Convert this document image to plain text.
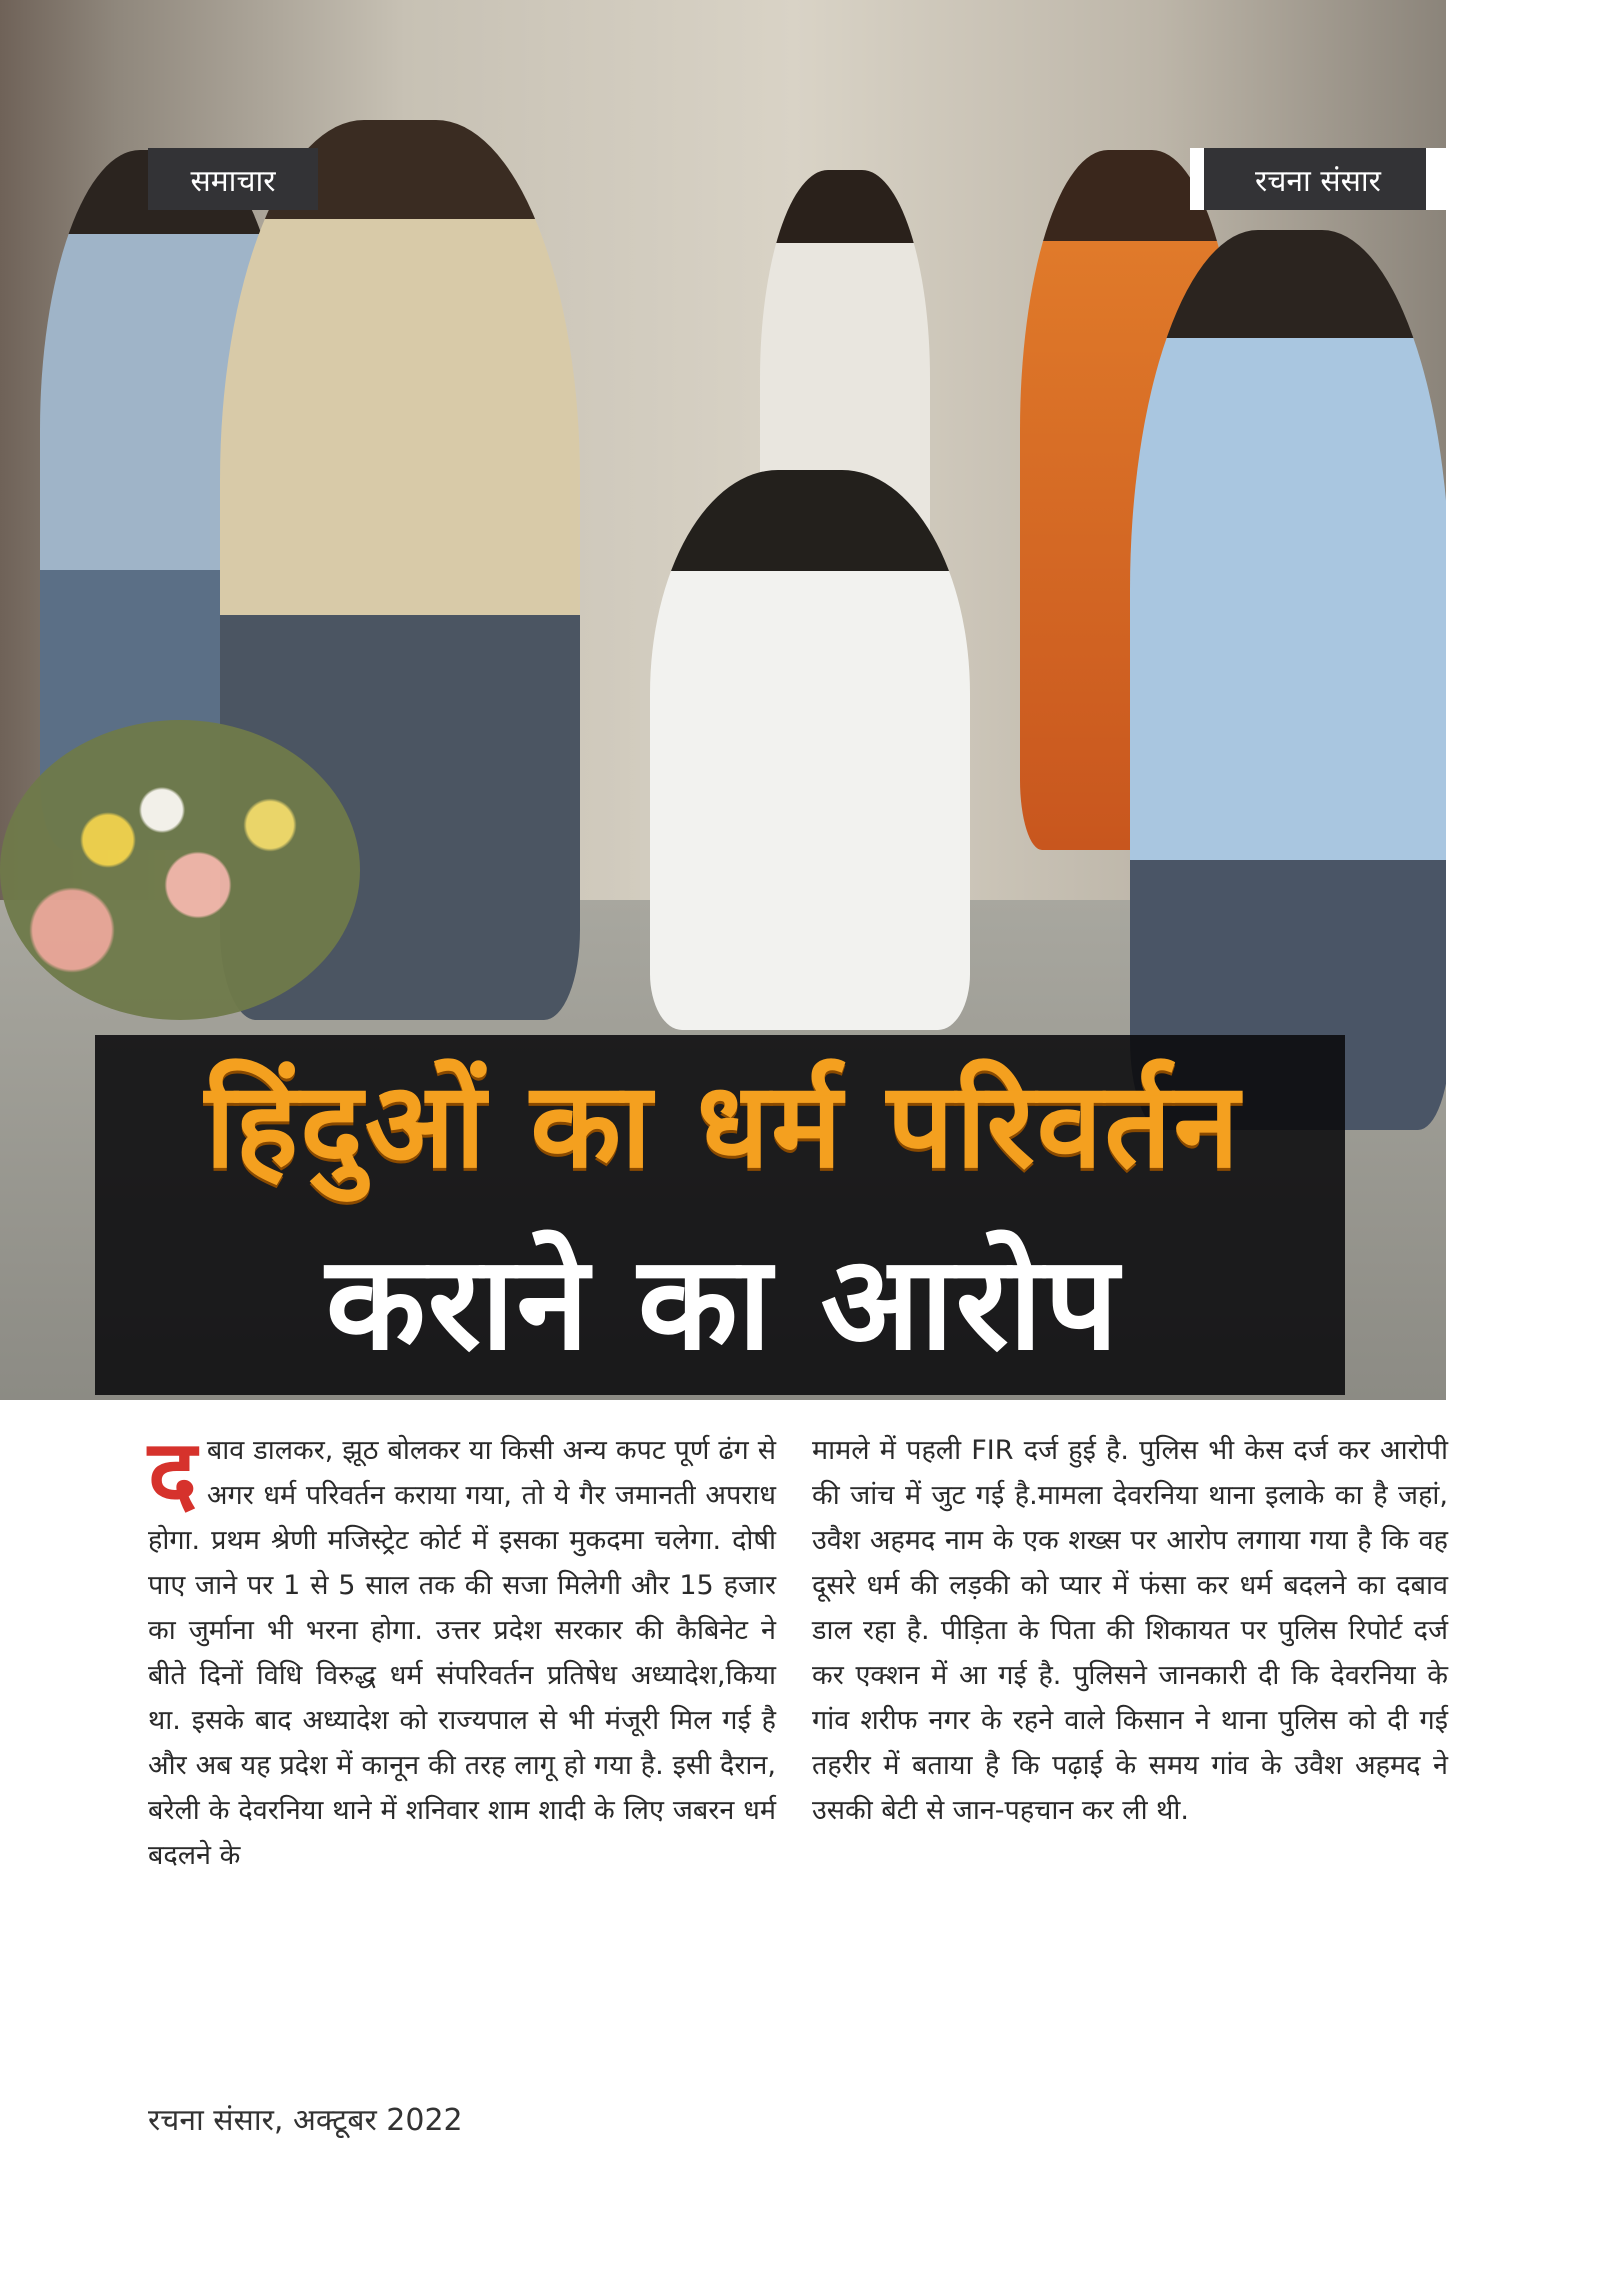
हिंदुओं का धर्म परिवर्तन
कराने का आरोप
समाचार	रचना संसार

दबाव डालकर, झूठ बोलकर या किसी अन्य कपट पूर्ण ढंग से अगर धर्म परिवर्तन कराया गया, तो ये गैर जमानती अपराध होगा. प्रथम श्रेणी मजिस्ट्रेट कोर्ट में इसका मुकदमा चलेगा. दोषी पाए जाने पर 1 से 5 साल तक की सजा मिलेगी और 15 हजार का जुर्माना भी भरना होगा. उत्तर प्रदेश सरकार की कैबिनेट ने बीते दिनों विधि विरुद्ध धर्म संपरिवर्तन प्रतिषेध अध्यादेश,किया था. इसके बाद अध्यादेश को राज्यपाल से भी मंजूरी मिल गई है और अब यह प्रदेश में कानून की तरह लागू हो गया है. इसी दैरान, बरेली के देवरनिया थाने में शनिवार शाम शादी के लिए जबरन धर्म बदलने के

मामले में पहली FIR दर्ज हुई है. पुलिस भी केस दर्ज कर आरोपी की जांच में जुट गई है.मामला देवरनिया थाना इलाके का है जहां, उवैश अहमद नाम के एक शख्स पर आरोप लगाया गया है कि वह दूसरे धर्म की लड़की को प्यार में फंसा कर धर्म बदलने का दबाव डाल रहा है. पीड़िता के पिता की शिकायत पर पुलिस रिपोर्ट दर्ज कर एक्शन में आ गई है. पुलिसने जानकारी दी कि देवरनिया के गांव शरीफ नगर के रहने वाले किसान ने थाना पुलिस को दी गई तहरीर में बताया है कि पढ़ाई के समय गांव के उवैश अहमद ने उसकी बेटी से जान-पहचान कर ली थी.

रचना संसार, अक्टूबर 2022
